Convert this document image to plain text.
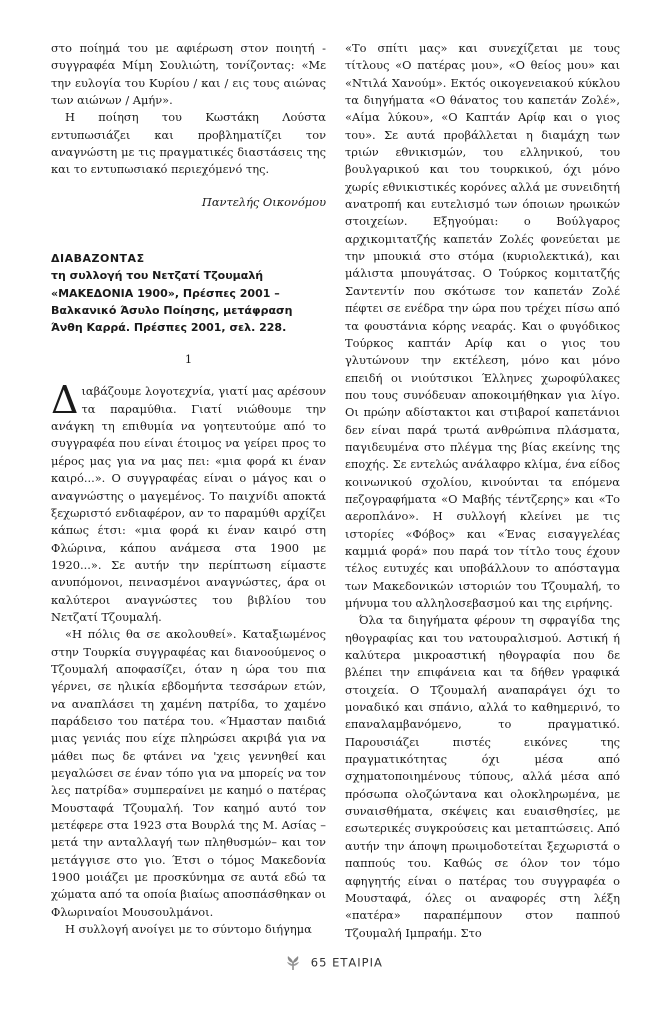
στο ποίημά του με αφιέρωση στον ποιητή - συγγραφέα Μίμη Σουλιώτη, τονίζοντας: «Με την ευλογία του Κυρίου / και / εις τους αιώνας των αιώνων / Αμήν».

Η ποίηση του Κωστάκη Λούστα εντυπωσιάζει και προβληματίζει τον αναγνώστη με τις πραγματικές διαστάσεις της και το εντυπωσιακό περιεχόμενό της.

Παντελής Οικονόμου
ΔΙΑΒΑΖΟΝΤΑΣ
τη συλλογή του Νετζατί Τζουμαλή
«ΜΑΚΕΔΟΝΙΑ 1900», Πρέσπες 2001 –
Βαλκανικό Άσυλο Ποίησης, μετάφραση
Άνθη Καρρά. Πρέσπες 2001, σελ. 228.
1

Διαβάζουμε λογοτεχνία, γιατί μας αρέσουν τα παραμύθια. Γιατί νιώθουμε την ανάγκη τη επιθυμία να γοητευτούμε από το συγγραφέα που είναι έτοιμος να γείρει προς το μέρος μας για να μας πει: «μια φορά κι έναν καιρό...». Ο συγγραφέας είναι ο μάγος και ο αναγνώστης ο μαγεμένος. Το παιχνίδι αποκτά ξεχωριστό ενδιαφέρον, αν το παραμύθι αρχίζει κάπως έτσι: «μια φορά κι έναν καιρό στη Φλώρινα, κάπου ανάμεσα στα 1900 με 1920...». Σε αυτήν την περίπτωση είμαστε ανυπόμονοι, πεινασμένοι αναγνώστες, άρα οι καλύτεροι αναγνώστες του βιβλίου του Νετζατί Τζουμαλή.

«Η πόλις θα σε ακολουθεί». Καταξιωμένος στην Τουρκία συγγραφέας και διανοούμενος ο Τζουμαλή αποφασίζει, όταν η ώρα του πια γέρνει, σε ηλικία εβδομήντα τεσσάρων ετών, να αναπλάσει τη χαμένη πατρίδα, το χαμένο παράδεισο του πατέρα του. «Ήμασταν παιδιά μιας γενιάς που είχε πληρώσει ακριβά για να μάθει πως δε φτάνει να 'χεις γεννηθεί και μεγαλώσει σε έναν τόπο για να μπορείς να τον λες πατρίδα» συμπεραίνει με καημό ο πατέρας Μουσταφά Τζουμαλή. Τον καημό αυτό τον μετέφερε στα 1923 στα Βουρλά της Μ. Ασίας –μετά την ανταλλαγή των πληθυσμών– και τον μετάγγισε στο γιο. Έτσι ο τόμος Μακεδονία 1900 μοιάζει με προσκύνημα σε αυτά εδώ τα χώματα από τα οποία βιαίως αποσπάσθηκαν οι Φλωριναίοι Μουσουλμάνοι.

Η συλλογή ανοίγει με το σύντομο διήγημα

«Το σπίτι μας» και συνεχίζεται με τους τίτλους «Ο πατέρας μου», «Ο θείος μου» και «Ντιλά Χανούμ». Εκτός οικογενειακού κύκλου τα διηγήματα «Ο θάνατος του καπετάν Ζολέ», «Αίμα λύκου», «Ο Καπτάν Αρίφ και ο γιος του». Σε αυτά προβάλλεται η διαμάχη των τριών εθνικισμών, του ελληνικού, του βουλγαρικού και του τουρκικού, όχι μόνο χωρίς εθνικιστικές κορόνες αλλά με συνειδητή ανατροπή και ευτελισμό των όποιων ηρωικών στοιχείων. Εξηγούμαι: ο Βούλγαρος αρχικομιτατζής καπετάν Ζολές φονεύεται με την μπουκιά στο στόμα (κυριολεκτικά), και μάλιστα μπουγάτσας. Ο Τούρκος κομιτατζής Σαντεντίν που σκότωσε τον καπετάν Ζολέ πέφτει σε ενέδρα την ώρα που τρέχει πίσω από τα φουστάνια κόρης νεαράς. Και ο φυγόδικος Τούρκος καπτάν Αρίφ και ο γιος του γλυτώνουν την εκτέλεση, μόνο και μόνο επειδή οι νιούτσικοι Έλληνες χωροφύλακες που τους συνόδευαν αποκοιμήθηκαν για λίγο. Οι πρώην αδίστακτοι και στιβαροί καπετάνιοι δεν είναι παρά τρωτά ανθρώπινα πλάσματα, παγιδευμένα στο πλέγμα της βίας εκείνης της εποχής. Σε εντελώς ανάλαφρο κλίμα, ένα είδος κοινωνικού σχολίου, κινούνται τα επόμενα πεζογραφήματα «Ο Μαβής τέντζερης» και «Το αεροπλάνο». Η συλλογή κλείνει με τις ιστορίες «Φόβος» και «Ένας εισαγγελέας καμμιά φορά» που παρά τον τίτλο τους έχουν τέλος ευτυχές και υποβάλλουν το απόσταγμα των Μακεδονικών ιστοριών του Τζουμαλή, το μήνυμα του αλληλοσεβασμού και της ειρήνης.

Όλα τα διηγήματα φέρουν τη σφραγίδα της ηθογραφίας και του νατουραλισμού. Αστική ή καλύτερα μικροαστική ηθογραφία που δε βλέπει την επιφάνεια και τα δήθεν γραφικά στοιχεία. Ο Τζουμαλή αναπαράγει όχι το μοναδικό και σπάνιο, αλλά το καθημερινό, το επαναλαμβανόμενο, το πραγματικό. Παρουσιάζει πιστές εικόνες της πραγματικότητας όχι μέσα από σχηματοποιημένους τύπους, αλλά μέσα από πρόσωπα ολοζώντανα και ολοκληρωμένα, με συναισθήματα, σκέψεις και ευαισθησίες, με εσωτερικές συγκρούσεις και μεταπτώσεις. Από αυτήν την άποψη πρωιμοδοτείται ξεχωριστά ο παππούς του. Καθώς σε όλον τον τόμο αφηγητής είναι ο πατέρας του συγγραφέα ο Μουσταφά, όλες οι αναφορές στη λέξη «πατέρα» παραπέμπουν στον παππού Τζουμαλή Ιμπραήμ. Στο

65 ΕΤΑΙΡΙΑ
